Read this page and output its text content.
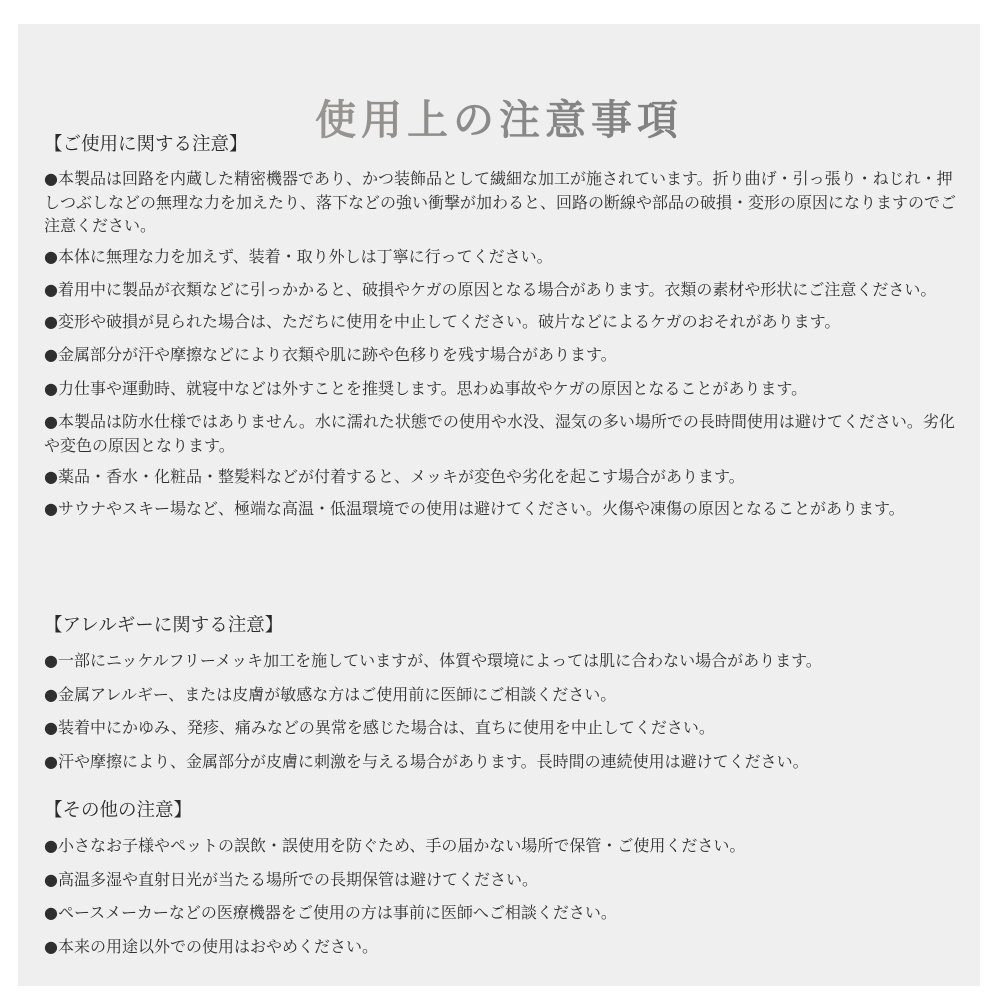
使用上の注意事項

【ご使用に関する注意】

●本製品は回路を内蔵した精密機器であり、かつ装飾品として繊細な加工が施されています。折り曲げ・引っ張り・ねじれ・押しつぶしなどの無理な力を加えたり、落下などの強い衝撃が加わると、回路の断線や部品の破損・変形の原因になりますのでご注意ください。
●本体に無理な力を加えず、装着・取り外しは丁寧に行ってください。
●着用中に製品が衣類などに引っかかると、破損やケガの原因となる場合があります。衣類の素材や形状にご注意ください。
●変形や破損が見られた場合は、ただちに使用を中止してください。破片などによるケガのおそれがあります。
●金属部分が汗や摩擦などにより衣類や肌に跡や色移りを残す場合があります。
●力仕事や運動時、就寝中などは外すことを推奨します。思わぬ事故やケガの原因となることがあります。
●本製品は防水仕様ではありません。水に濡れた状態での使用や水没、湿気の多い場所での長時間使用は避けてください。劣化や変色の原因となります。
●薬品・香水・化粧品・整髪料などが付着すると、メッキが変色や劣化を起こす場合があります。
●サウナやスキー場など、極端な高温・低温環境での使用は避けてください。火傷や凍傷の原因となることがあります。

【アレルギーに関する注意】

●一部にニッケルフリーメッキ加工を施していますが、体質や環境によっては肌に合わない場合があります。
●金属アレルギー、または皮膚が敏感な方はご使用前に医師にご相談ください。
●装着中にかゆみ、発疹、痛みなどの異常を感じた場合は、直ちに使用を中止してください。
●汗や摩擦により、金属部分が皮膚に刺激を与える場合があります。長時間の連続使用は避けてください。

【その他の注意】

●小さなお子様やペットの誤飲・誤使用を防ぐため、手の届かない場所で保管・ご使用ください。
●高温多湿や直射日光が当たる場所での長期保管は避けてください。
●ペースメーカーなどの医療機器をご使用の方は事前に医師へご相談ください。
●本来の用途以外での使用はおやめください。
